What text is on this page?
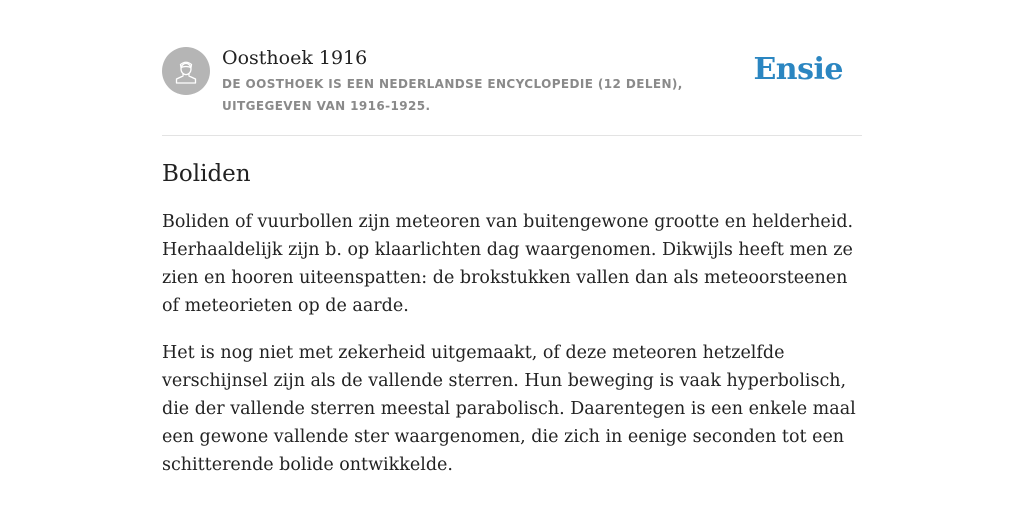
Oosthoek 1916

DE OOSTHOEK IS EEN NEDERLANDSE ENCYCLOPEDIE (12 DELEN), UITGEGEVEN VAN 1916-1925.

Ensie
Boliden

Boliden of vuurbollen zijn meteoren van buitengewone grootte en helderheid. Herhaaldelijk zijn b. op klaarlichten dag waargenomen. Dikwijls heeft men ze zien en hooren uiteenspatten: de brokstukken vallen dan als meteoorsteenen of meteorieten op de aarde.

Het is nog niet met zekerheid uitgemaakt, of deze meteoren hetzelfde verschijnsel zijn als de vallende sterren. Hun beweging is vaak hyperbolisch, die der vallende sterren meestal parabolisch. Daarentegen is een enkele maal een gewone vallende ster waargenomen, die zich in eenige seconden tot een schitterende bolide ontwikkelde.
